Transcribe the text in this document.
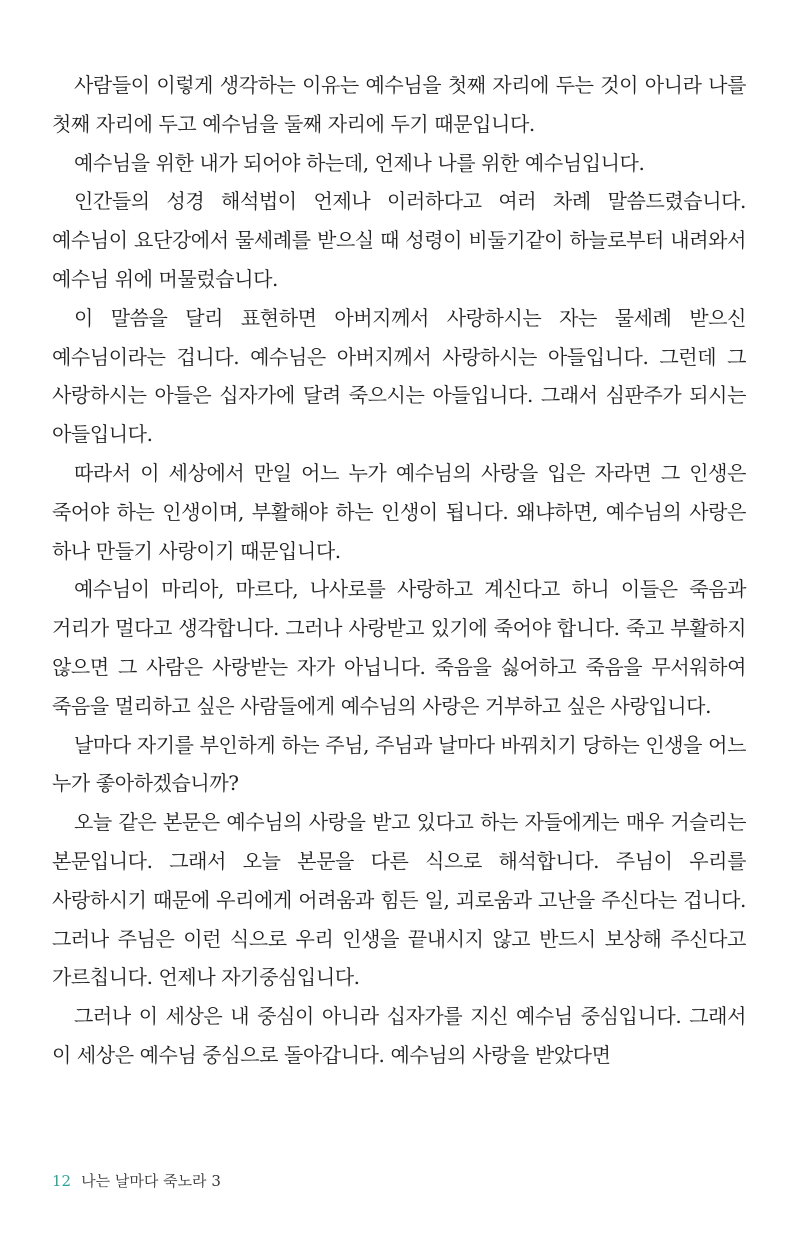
사람들이 이렇게 생각하는 이유는 예수님을 첫째 자리에 두는 것이 아니라 나를 첫째 자리에 두고 예수님을 둘째 자리에 두기 때문입니다.

예수님을 위한 내가 되어야 하는데, 언제나 나를 위한 예수님입니다.

인간들의 성경 해석법이 언제나 이러하다고 여러 차례 말씀드렸습니다. 예수님이 요단강에서 물세례를 받으실 때 성령이 비둘기같이 하늘로부터 내려와서 예수님 위에 머물렀습니다.

이 말씀을 달리 표현하면 아버지께서 사랑하시는 자는 물세례 받으신 예수님이라는 겁니다. 예수님은 아버지께서 사랑하시는 아들입니다. 그런데 그 사랑하시는 아들은 십자가에 달려 죽으시는 아들입니다. 그래서 심판주가 되시는 아들입니다.

따라서 이 세상에서 만일 어느 누가 예수님의 사랑을 입은 자라면 그 인생은 죽어야 하는 인생이며, 부활해야 하는 인생이 됩니다. 왜냐하면, 예수님의 사랑은 하나 만들기 사랑이기 때문입니다.

예수님이 마리아, 마르다, 나사로를 사랑하고 계신다고 하니 이들은 죽음과 거리가 멀다고 생각합니다. 그러나 사랑받고 있기에 죽어야 합니다. 죽고 부활하지 않으면 그 사람은 사랑받는 자가 아닙니다. 죽음을 싫어하고 죽음을 무서워하여 죽음을 멀리하고 싶은 사람들에게 예수님의 사랑은 거부하고 싶은 사랑입니다.

날마다 자기를 부인하게 하는 주님, 주님과 날마다 바꿔치기 당하는 인생을 어느 누가 좋아하겠습니까?

오늘 같은 본문은 예수님의 사랑을 받고 있다고 하는 자들에게는 매우 거슬리는 본문입니다. 그래서 오늘 본문을 다른 식으로 해석합니다. 주님이 우리를 사랑하시기 때문에 우리에게 어려움과 힘든 일, 괴로움과 고난을 주신다는 겁니다. 그러나 주님은 이런 식으로 우리 인생을 끝내시지 않고 반드시 보상해 주신다고 가르칩니다. 언제나 자기중심입니다.

그러나 이 세상은 내 중심이 아니라 십자가를 지신 예수님 중심입니다. 그래서 이 세상은 예수님 중심으로 돌아갑니다. 예수님의 사랑을 받았다면

12 나는 날마다 죽노라 3
